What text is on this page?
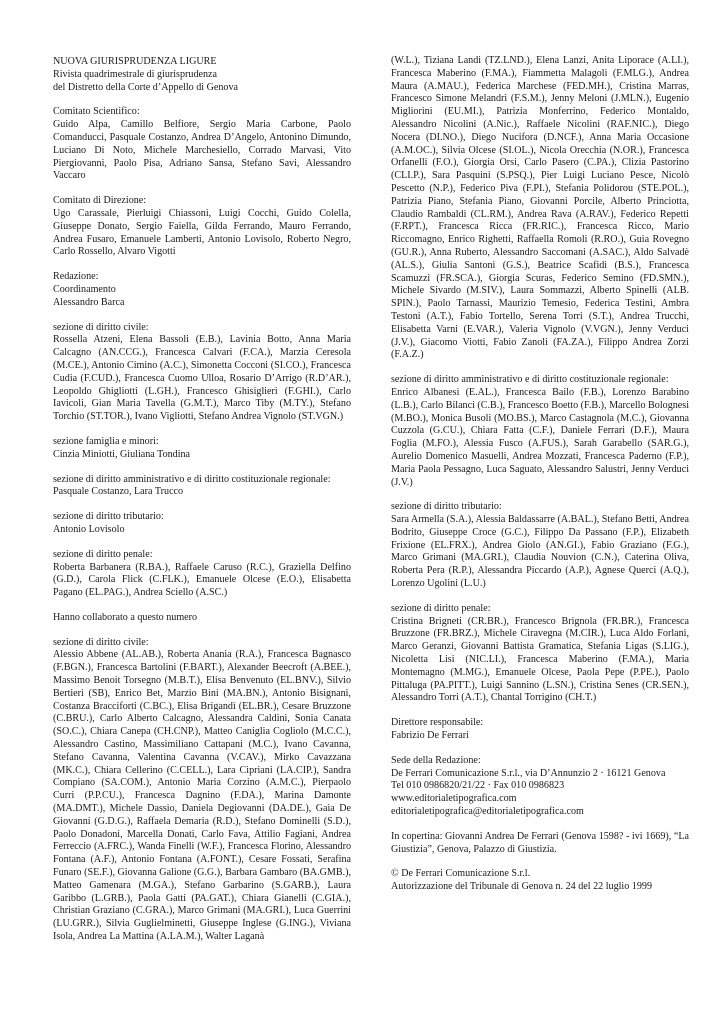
NUOVA GIURISPRUDENZA LIGURE
Rivista quadrimestrale di giurisprudenza
del Distretto della Corte d’Appello di Genova
Comitato Scientifico:
Guido Alpa, Camillo Belfiore, Sergio Maria Carbone, Paolo Comanducci, Pasquale Costanzo, Andrea D’Angelo, Antonino Dimundo, Luciano Di Noto, Michele Marchesiello, Corrado Marvasi, Vito Piergiovanni, Paolo Pisa, Adriano Sansa, Stefano Savi, Alessandro Vaccaro
Comitato di Direzione:
Ugo Carassale, Pierluigi Chiassoni, Luigi Cocchi, Guido Colella, Giuseppe Donato, Sergio Faiella, Gilda Ferrando, Mauro Ferrando, Andrea Fusaro, Emanuele Lamberti, Antonio Lovisolo, Roberto Negro, Carlo Rossello, Alvaro Vigotti
Redazione:
Coordinamento
Alessandro Barca
sezione di diritto civile:
Rossella Atzeni, Elena Bassoli (E.B.), Lavinia Botto, Anna Maria Calcagno (AN.CCG.), Francesca Calvari (F.CA.), Marzia Ceresola (M.CE.), Antonio Cimino (A.C.), Simonetta Cocconi (SI.CO.), Francesca Cudia (F.CUD.), Francesca Cuomo Ulloa, Rosario D’Arrigo (R.D’AR.), Leopoldo Ghigliotti (L.GH.), Francesco Ghisiglieri (F.GHI.), Carlo Iavicoli, Gian Maria Tavella (G.M.T.), Marco Tiby (M.TY.), Stefano Torchio (ST.TOR.), Ivano Vigliotti, Stefano Andrea Vignolo (ST.VGN.)
sezione famiglia e minori:
Cinzia Miniotti, Giuliana Tondina
sezione di diritto amministrativo e di diritto costituzionale regionale:
Pasquale Costanzo, Lara Trucco
sezione di diritto tributario:
Antonio Lovisolo
sezione di diritto penale:
Roberta Barbanera (R.BA.), Raffaele Caruso (R.C.), Graziella Delfino (G.D.), Carola Flick (C.FLK.), Emanuele Olcese (E.O.), Elisabetta Pagano (EL.PAG.), Andrea Sciello (A.SC.)
Hanno collaborato a questo numero
sezione di diritto civile:
Alessio Abbene (AL.AB.), Roberta Anania (R.A.), Francesca Bagnasco (F.BGN.), Francesca Bartolini (F.BART.), Alexander Beecroft (A.BEE.), Massimo Benoit Torsegno (M.B.T.), Elisa Benvenuto (EL.BNV.), Silvio Bertieri (SB), Enrico Bet, Marzio Bini (MA.BN.), Antonio Bisignani, Costanza Bracciforti (C.BC.), Elisa Brigandì (EL.BR.), Cesare Bruzzone (C.BRU.), Carlo Alberto Calcagno, Alessandra Caldini, Sonia Canata (SO.C.), Chiara Canepa (CH.CNP.), Matteo Caniglia Cogliolo (M.C.C.), Alessandro Castino, Massimiliano Cattapani (M.C.), Ivano Cavanna, Stefano Cavanna, Valentina Cavanna (V.CAV.), Mirko Cavazzana (MK.C.), Chiara Cellerino (C.CELL.), Lara Cipriani (LA.CIP.), Sandra Compiano (SA.COM.), Antonio Maria Corzino (A.M.C.), Pierpaolo Curri (P.P.CU.), Francesca Dagnino (F.DA.), Marina Damonte (MA.DMT.), Michele Dassio, Daniela Degiovanni (DA.DE.), Gaia De Giovanni (G.D.G.), Raffaela Demaria (R.D.), Stefano Dominelli (S.D.), Paolo Donadoni, Marcella Donati, Carlo Fava, Attilio Fagiani, Andrea Ferreccio (A.FRC.), Wanda Finelli (W.F.), Francesca Florino, Alessandro Fontana (A.F.), Antonio Fontana (A.FONT.), Cesare Fossati, Serafina Funaro (SE.F.), Giovanna Galione (G.G.), Barbara Gambaro (BA.GMB.), Matteo Gamenara (M.GA.), Stefano Garbarino (S.GARB.), Laura Garibbo (L.GRB.), Paola Gatti (PA.GAT.), Chiara Gianelli (C.GIA.), Christian Graziano (C.GRA.), Marco Grimani (MA.GRI.), Luca Guerrini (LU.GRR.), Silvia Guglielminetti, Giuseppe Inglese (G.ING.), Viviana Isola, Andrea La Mattina (A.LA.M.), Walter Laganà
(W.L.), Tiziana Landi (TZ.LND.), Elena Lanzi, Anita Liporace (A.LI.), Francesca Maberino (F.MA.), Fiammetta Malagoli (F.MLG.), Andrea Maura (A.MAU.), Federica Marchese (FED.MH.), Cristina Marras, Francesco Simone Melandri (F.S.M.), Jenny Meloni (J.MLN.), Eugenio Migliorini (EU.MI.), Patrizia Monferrino, Federico Montaldo, Alessandro Nicolini (A.Nic.), Raffaele Nicolini (RAF.NIC.), Diego Nocera (DI.NO.), Diego Nucifora (D.NCF.), Anna Maria Occasione (A.M.OC.), Silvia Olcese (SI.OL.), Nicola Orecchia (N.OR.), Francesca Orfanelli (F.O.), Giorgia Orsi, Carlo Pasero (C.PA.), Clizia Pastorino (CLI.P.), Sara Pasquini (S.PSQ.), Pier Luigi Luciano Pesce, Nicolò Pescetto (N.P.), Federico Piva (F.PI.), Stefania Polidorou (STE.POL.), Patrizia Piano, Stefania Piano, Giovanni Porcile, Alberto Princiotta, Claudio Rambaldi (CL.RM.), Andrea Rava (A.RAV.), Federico Repetti (F.RPT.), Francesca Ricca (FR.RIC.), Francesca Ricco, Mario Riccomagno, Enrico Righetti, Raffaella Romoli (R.RO.), Guia Rovegno (GU.R.), Anna Ruberto, Alessandro Saccomani (A.SAC.), Aldo Salvadè (AL.S.), Giulia Santoni (G.S.), Beatrice Scafidi (B.S.), Francesca Scamuzzi (FR.SCA.), Giorgia Scuras, Federico Semino (FD.SMN.), Michele Sivardo (M.SIV.), Laura Sommazzi, Alberto Spinelli (ALB. SPIN.), Paolo Tarnassi, Maurizio Temesio, Federica Testini, Ambra Testoni (A.T.), Fabio Tortello, Serena Torri (S.T.), Andrea Trucchi, Elisabetta Varni (E.VAR.), Valeria Vignolo (V.VGN.), Jenny Verduci (J.V.), Giacomo Viotti, Fabio Zanoli (FA.ZA.), Filippo Andrea Zorzi (F.A.Z.)
sezione di diritto amministrativo e di diritto costituzionale regionale:
Enrico Albanesi (E.AL.), Francesca Bailo (F.B.), Lorenzo Barabino (L.B.), Carlo Bilanci (C.B.), Francesco Boetto (F.B.), Marcello Bolognesi (M.BO.), Monica Busoli (MO.BS.), Marco Castagnola (M.C.), Giovanna Cuzzola (G.CU.), Chiara Fatta (C.F.), Daniele Ferrari (D.F.), Maura Foglia (M.FO.), Alessia Fusco (A.FUS.), Sarah Garabello (SAR.G.), Aurelio Domenico Masuelli, Andrea Mozzati, Francesca Paderno (F.P.), Maria Paola Pessagno, Luca Saguato, Alessandro Salustri, Jenny Verduci (J.V.)
sezione di diritto tributario:
Sara Armella (S.A.), Alessia Baldassarre (A.BAL.), Stefano Betti, Andrea Bodrito, Giuseppe Croce (G.C.), Filippo Da Passano (F.P.), Elizabeth Frixione (EL.FRX.), Andrea Giolo (AN.GI.), Fabio Graziano (F.G.), Marco Grimani (MA.GRI.), Claudia Nouvion (C.N.), Caterina Oliva, Roberta Pera (R.P.), Alessandra Piccardo (A.P.), Agnese Querci (A.Q.), Lorenzo Ugolini (L.U.)
sezione di diritto penale:
Cristina Brigneti (CR.BR.), Francesco Brignola (FR.BR.), Francesca Bruzzone (FR.BRZ.), Michele Ciravegna (M.CIR.), Luca Aldo Forlani, Marco Geranzi, Giovanni Battista Gramatica, Stefania Ligas (S.LIG.), Nicoletta Lisi (NIC.LI.), Francesca Maberino (F.MA.), Maria Montemagno (M.MG.), Emanuele Olcese, Paola Pepe (P.PE.), Paolo Pittaluga (PA.PITT.), Luigi Sannino (L.SN.), Cristina Senes (CR.SEN.), Alessandro Torri (A.T.), Chantal Torrigino (CH.T.)
Direttore responsabile:
Fabrizio De Ferrari
Sede della Redazione:
De Ferrari Comunicazione S.r.l., via D’Annunzio 2 · 16121 Genova
Tel 010 0986820/21/22 · Fax 010 0986823
www.editorialetipografica.com
editorialetipografica@editorialetipografica.com
In copertina: Giovanni Andrea De Ferrari (Genova 1598? - ivi 1669), “La Giustizia”, Genova, Palazzo di Giustizia.
© De Ferrari Comunicazione S.r.l.
Autorizzazione del Tribunale di Genova n. 24 del 22 luglio 1999
